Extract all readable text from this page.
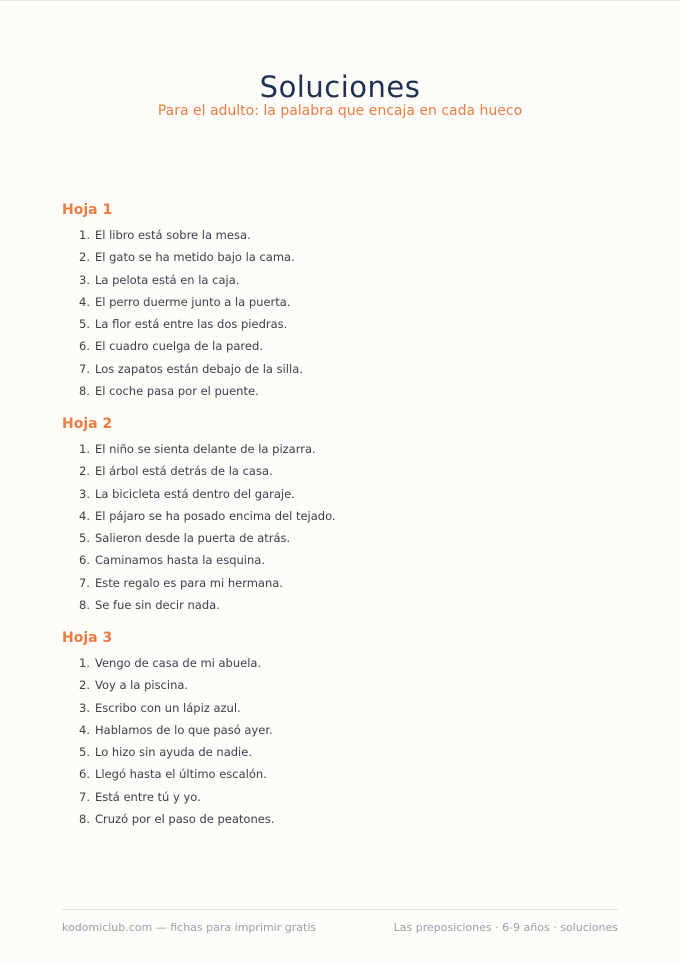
Soluciones
Para el adulto: la palabra que encaja en cada hueco
Hoja 1
1. El libro está sobre la mesa.
2. El gato se ha metido bajo la cama.
3. La pelota está en la caja.
4. El perro duerme junto a la puerta.
5. La flor está entre las dos piedras.
6. El cuadro cuelga de la pared.
7. Los zapatos están debajo de la silla.
8. El coche pasa por el puente.
Hoja 2
1. El niño se sienta delante de la pizarra.
2. El árbol está detrás de la casa.
3. La bicicleta está dentro del garaje.
4. El pájaro se ha posado encima del tejado.
5. Salieron desde la puerta de atrás.
6. Caminamos hasta la esquina.
7. Este regalo es para mi hermana.
8. Se fue sin decir nada.
Hoja 3
1. Vengo de casa de mi abuela.
2. Voy a la piscina.
3. Escribo con un lápiz azul.
4. Hablamos de lo que pasó ayer.
5. Lo hizo sin ayuda de nadie.
6. Llegó hasta el último escalón.
7. Está entre tú y yo.
8. Cruzó por el paso de peatones.
kodomiclub.com — fichas para imprimir gratis	Las preposiciones · 6-9 años · soluciones
